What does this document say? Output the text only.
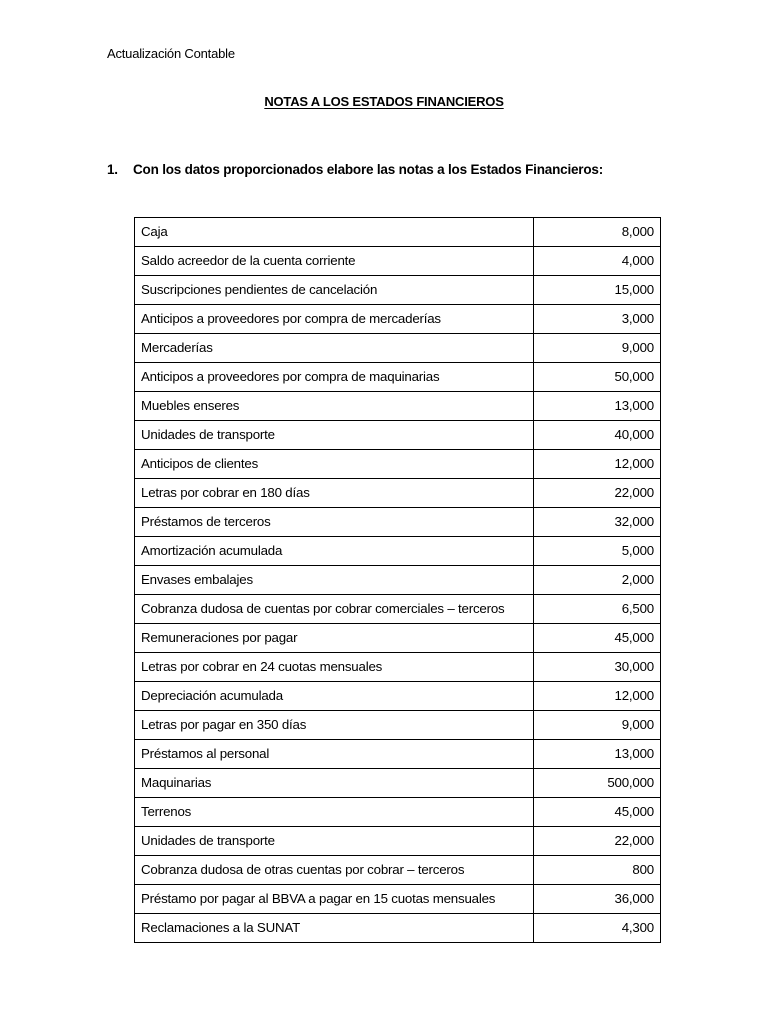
Actualización Contable
NOTAS A LOS ESTADOS FINANCIEROS
1. Con los datos proporcionados elabore las notas a los Estados Financieros:
Caja	8,000
Saldo acreedor de la cuenta corriente	4,000
Suscripciones pendientes de cancelación	15,000
Anticipos a proveedores por compra de mercaderías	3,000
Mercaderías	9,000
Anticipos a proveedores por compra de maquinarias	50,000
Muebles enseres	13,000
Unidades de transporte	40,000
Anticipos de clientes	12,000
Letras por cobrar en 180 días	22,000
Préstamos de terceros	32,000
Amortización acumulada	5,000
Envases embalajes	2,000
Cobranza dudosa de cuentas por cobrar comerciales – terceros	6,500
Remuneraciones por pagar	45,000
Letras por cobrar en 24 cuotas mensuales	30,000
Depreciación acumulada	12,000
Letras por pagar en 350 días	9,000
Préstamos al personal	13,000
Maquinarias	500,000
Terrenos	45,000
Unidades de transporte	22,000
Cobranza dudosa de otras cuentas por cobrar – terceros	800
Préstamo por pagar al BBVA a pagar en 15 cuotas mensuales	36,000
Reclamaciones a la SUNAT	4,300
